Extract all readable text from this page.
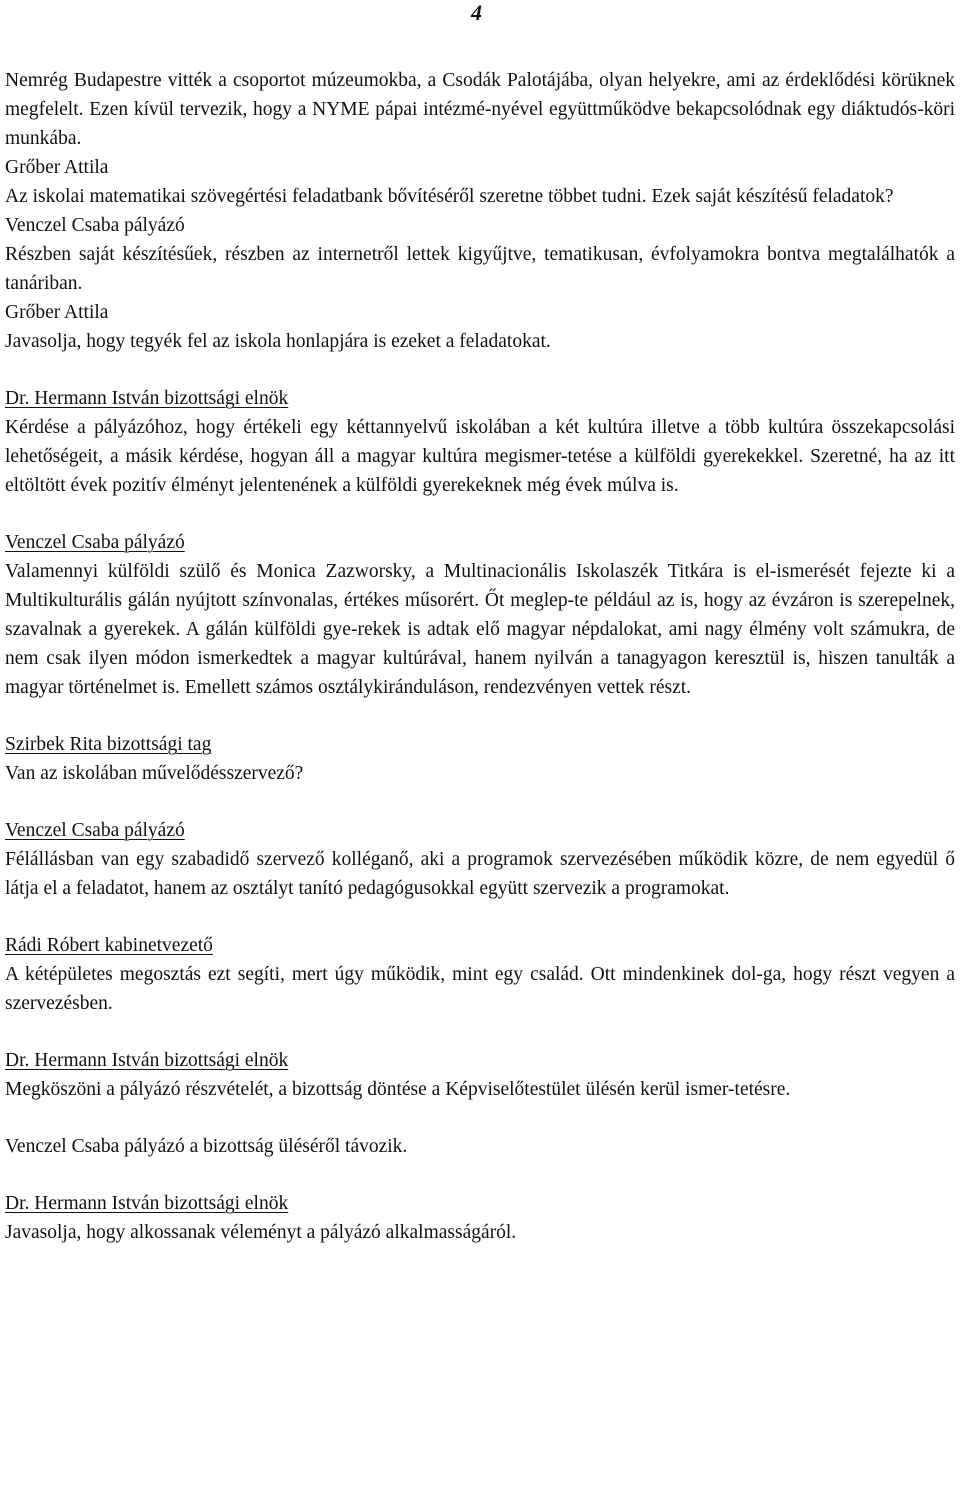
4

Nemrég Budapestre vitték a csoportot múzeumokba, a Csodák Palotájába, olyan helyekre, ami az érdeklődési körüknek megfelelt. Ezen kívül tervezik, hogy a NYME pápai intézmé-nyével együttműködve bekapcsolódnak egy diáktudós-köri munkába.

Grőber Attila

Az iskolai matematikai szövegértési feladatbank bővítéséről szeretne többet tudni. Ezek saját készítésű feladatok?

Venczel Csaba pályázó

Részben saját készítésűek, részben az internetről lettek kigyűjtve, tematikusan, évfolyamokra bontva megtalálhatók a tanáriban.

Grőber Attila

Javasolja, hogy tegyék fel az iskola honlapjára is ezeket a feladatokat.

Dr. Hermann István bizottsági elnök

Kérdése a pályázóhoz, hogy értékeli egy kéttannyelvű iskolában a két kultúra illetve a több kultúra összekapcsolási lehetőségeit, a másik kérdése, hogyan áll a magyar kultúra megismer-tetése a külföldi gyerekekkel. Szeretné, ha az itt eltöltött évek pozitív élményt jelentenének a külföldi gyerekeknek még évek múlva is.

Venczel Csaba pályázó

Valamennyi külföldi szülő és Monica Zazworsky, a Multinacionális Iskolaszék Titkára is el-ismerését fejezte ki a Multikulturális gálán nyújtott színvonalas, értékes műsorért. Őt meglep-te például az is, hogy az évzáron is szerepelnek, szavalnak a gyerekek. A gálán külföldi gye-rekek is adtak elő magyar népdalokat, ami nagy élmény volt számukra, de nem csak ilyen módon ismerkedtek a magyar kultúrával, hanem nyilván a tanagyagon keresztül is, hiszen tanulták a magyar történelmet is. Emellett számos osztálykiránduláson, rendezvényen vettek részt.

Szirbek Rita bizottsági tag

Van az iskolában művelődésszervező?

Venczel Csaba pályázó

Félállásban van egy szabadidő szervező kolléganő, aki a programok szervezésében működik közre, de nem egyedül ő látja el a feladatot, hanem az osztályt tanító pedagógusokkal együtt szervezik a programokat.

Rádi Róbert kabinetvezető

A kétépületes megosztás ezt segíti, mert úgy működik, mint egy család. Ott mindenkinek dol-ga, hogy részt vegyen a szervezésben.

Dr. Hermann István bizottsági elnök

Megköszöni a pályázó részvételét, a bizottság döntése a Képviselőtestület ülésén kerül ismer-tetésre.

Venczel Csaba pályázó a bizottság üléséről távozik.

Dr. Hermann István bizottsági elnök

Javasolja, hogy alkossanak véleményt a pályázó alkalmasságáról.
